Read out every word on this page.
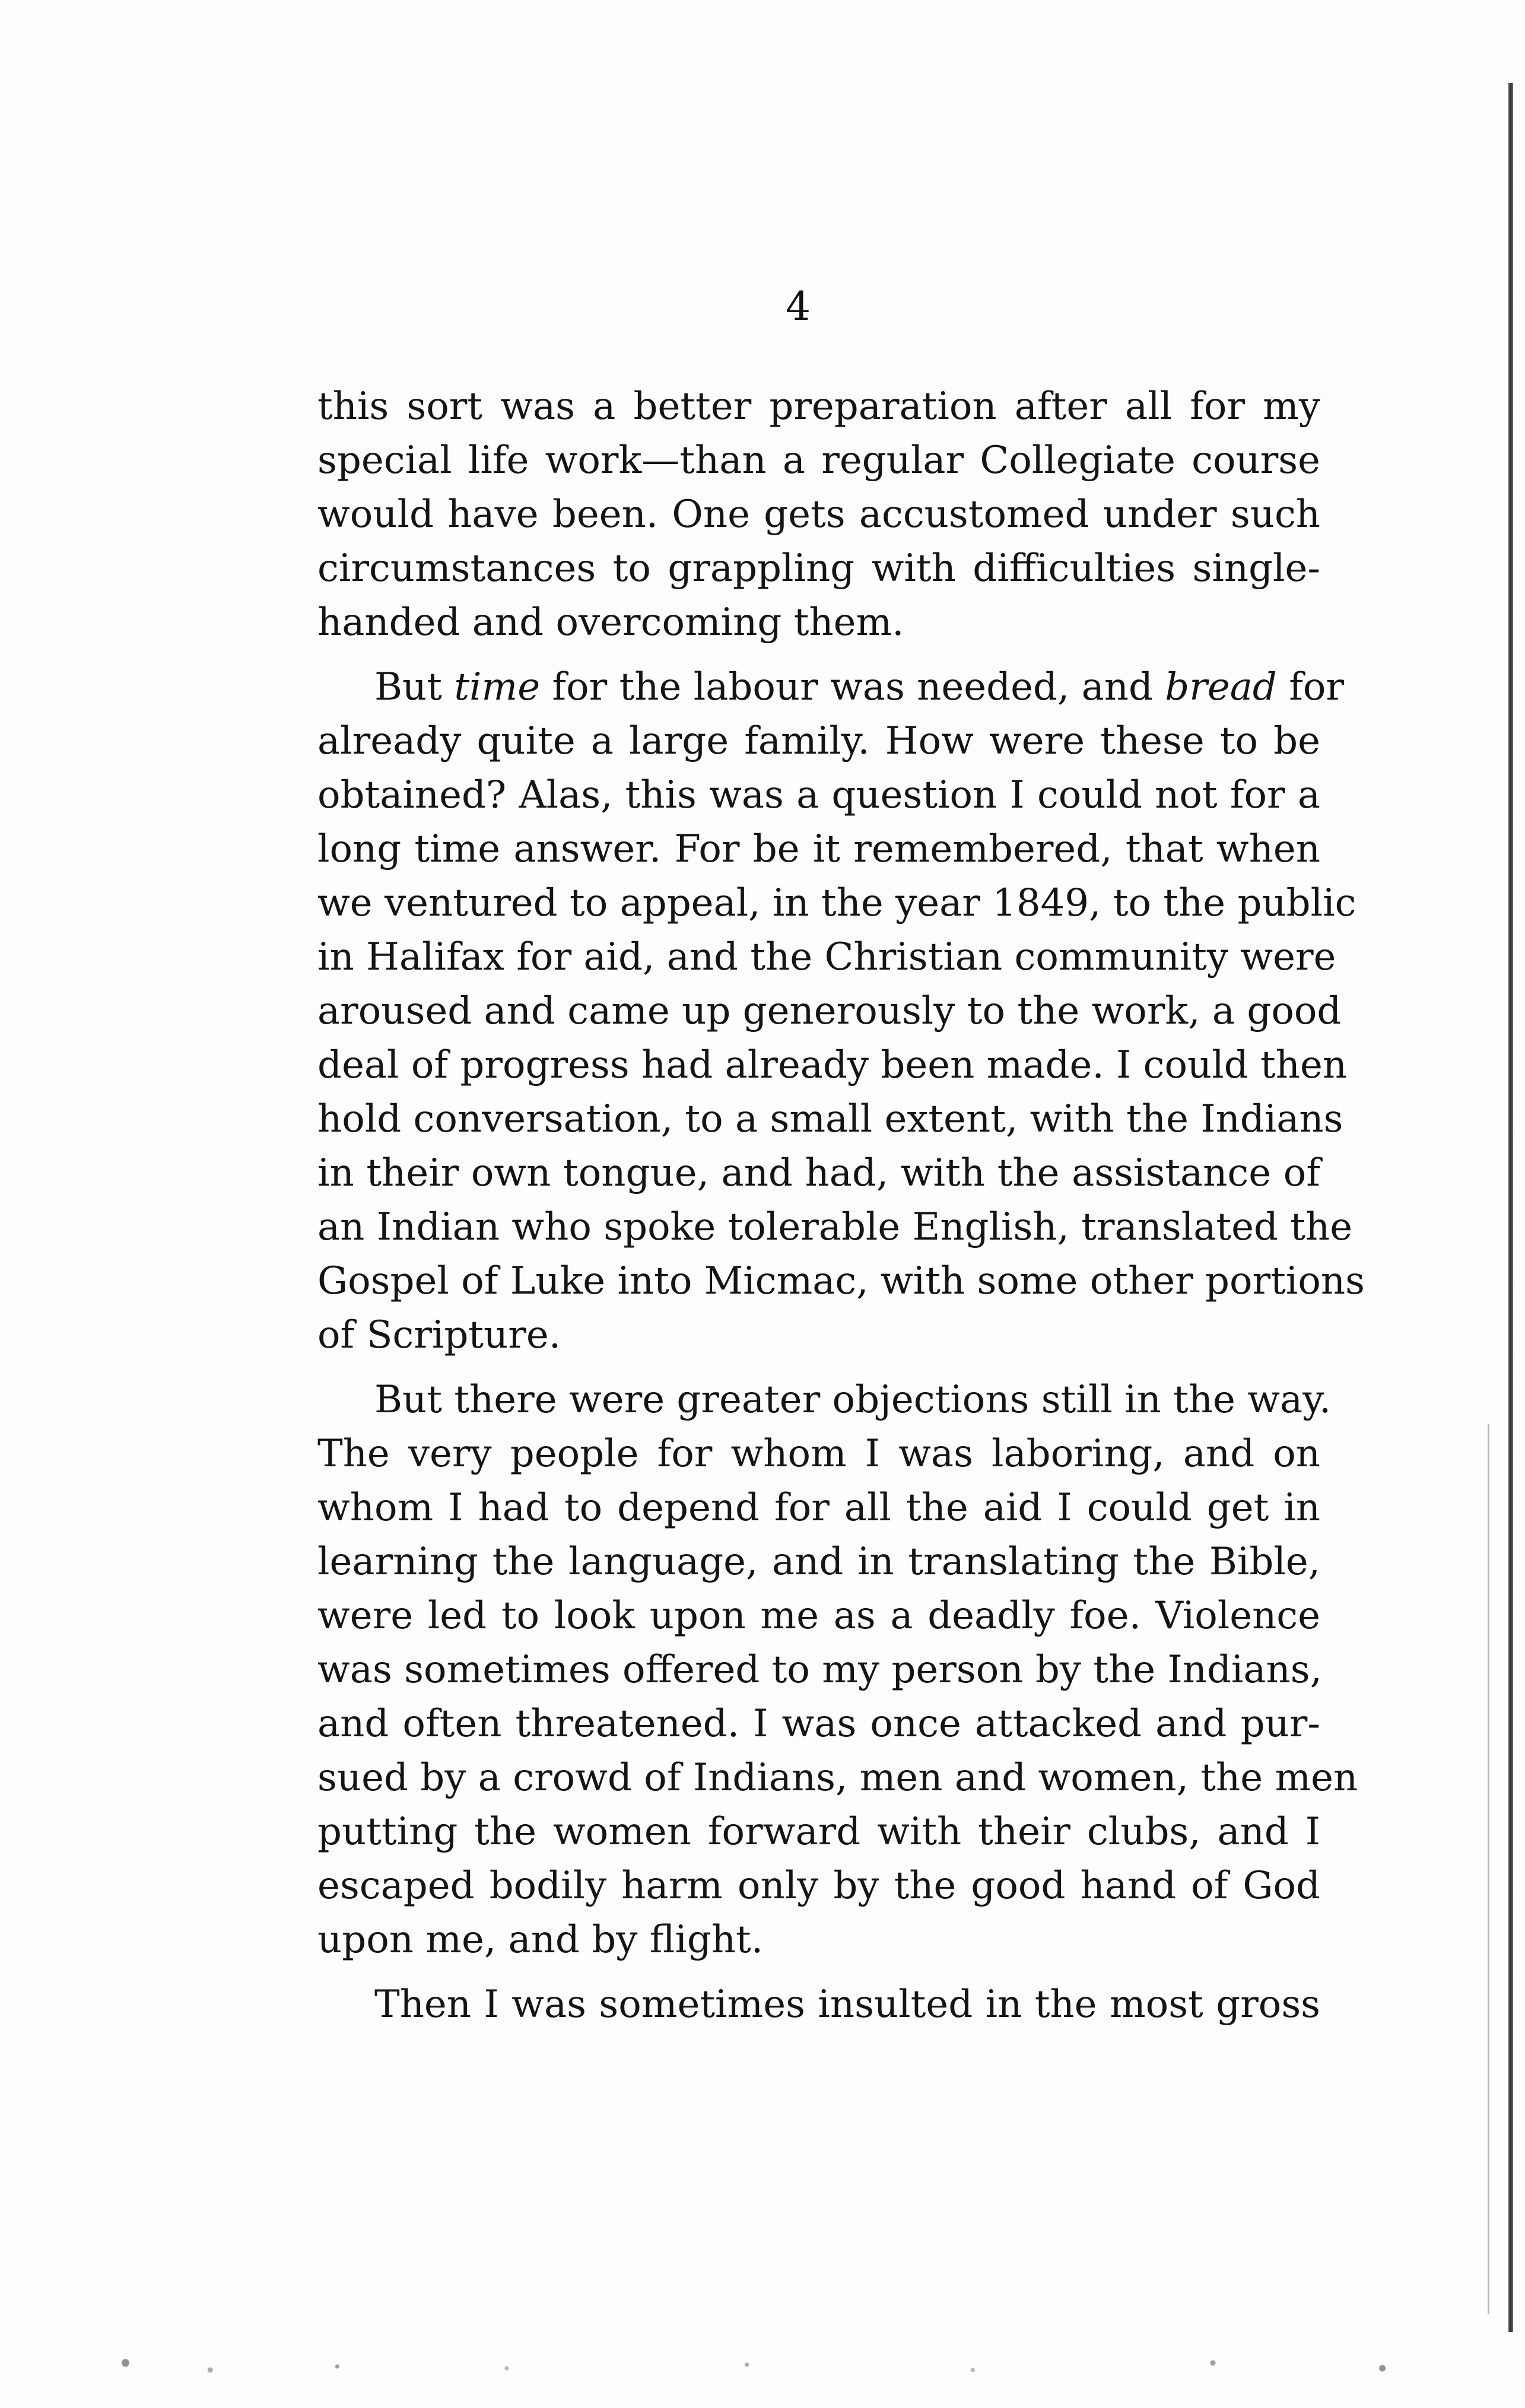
4

this sort was a better preparation after all for my
special life work—than a regular Collegiate course
would have been. One gets accustomed under such
circumstances to grappling with difficulties single-
handed and overcoming them.

But time for the labour was needed, and bread for
already quite a large family. How were these to be
obtained? Alas, this was a question I could not for a
long time answer. For be it remembered, that when
we ventured to appeal, in the year 1849, to the public
in Halifax for aid, and the Christian community were
aroused and came up generously to the work, a good
deal of progress had already been made. I could then
hold conversation, to a small extent, with the Indians
in their own tongue, and had, with the assistance of
an Indian who spoke tolerable English, translated the
Gospel of Luke into Micmac, with some other portions
of Scripture.

But there were greater objections still in the way.
The very people for whom I was laboring, and on
whom I had to depend for all the aid I could get in
learning the language, and in translating the Bible,
were led to look upon me as a deadly foe. Violence
was sometimes offered to my person by the Indians,
and often threatened. I was once attacked and pur-
sued by a crowd of Indians, men and women, the men
putting the women forward with their clubs, and I
escaped bodily harm only by the good hand of God
upon me, and by flight.

Then I was sometimes insulted in the most gross
